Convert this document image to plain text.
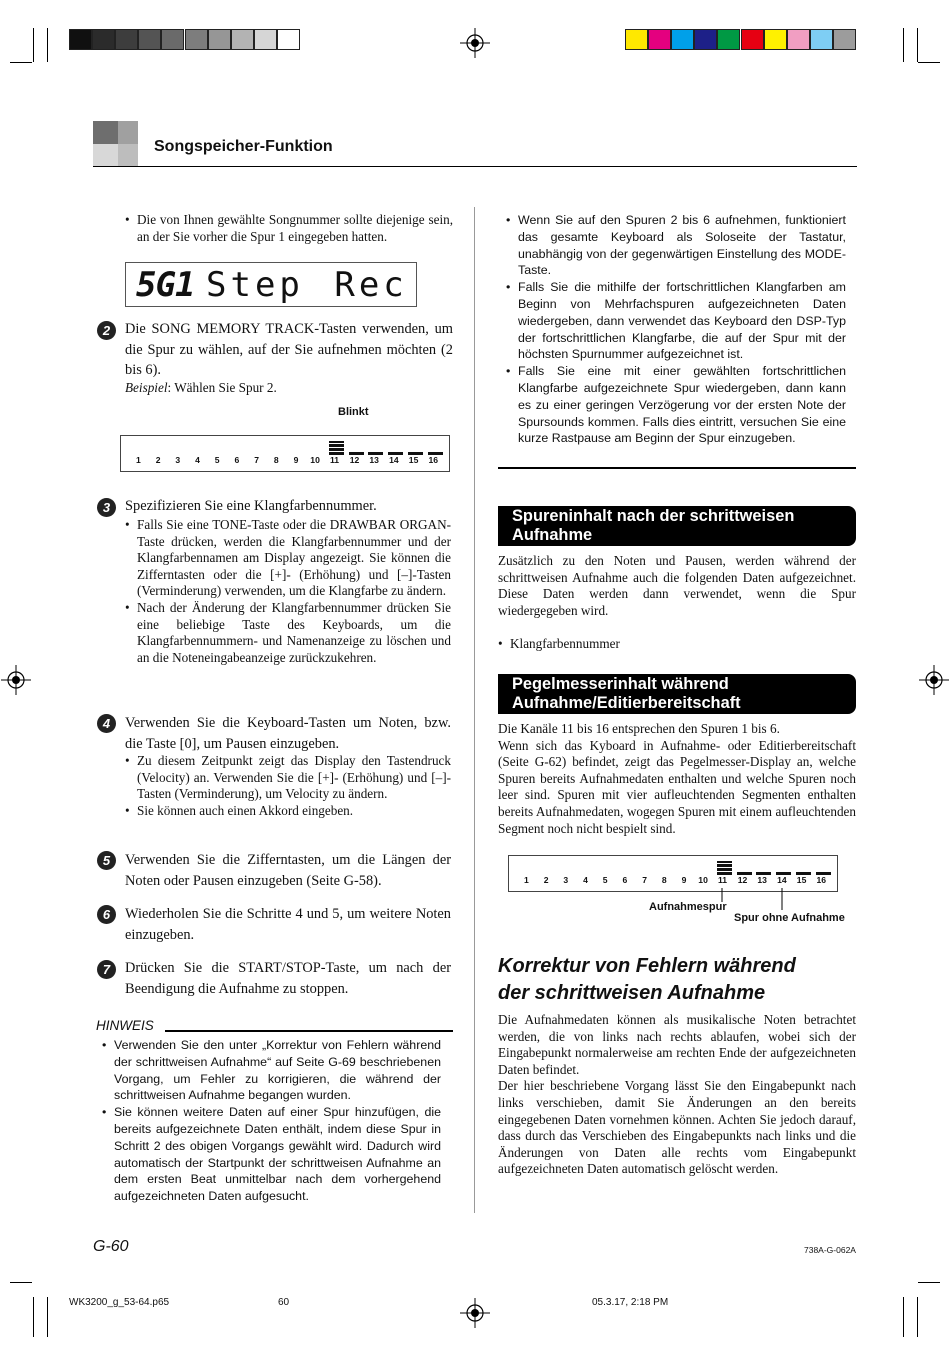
Songspeicher-Funktion
• Die von Ihnen gewählte Songnummer sollte diejenige sein, an der Sie vorher die Spur 1 eingegeben hatten.
5G1 Step Rec
2	Die SONG MEMORY TRACK-Tasten verwenden, um die Spur zu wählen, auf der Sie aufnehmen möchten (2 bis 6).
Beispiel: Wählen Sie Spur 2.
Blinkt
1 2 3 4 5 6 7 8 9 10 11 12 13 14 15 16
3	Spezifizieren Sie eine Klangfarbennummer.
• Falls Sie eine TONE-Taste oder die DRAWBAR ORGAN-Taste drücken, werden die Klangfarbennummer und der Klangfarbennamen am Display angezeigt. Sie können die Zifferntasten oder die [+]- (Erhöhung) und [–]-Tasten (Verminderung) verwenden, um die Klangfarbe zu ändern.
• Nach der Änderung der Klangfarbennummer drücken Sie eine beliebige Taste des Keyboards, um die Klangfarbennummern- und Namenanzeige zu löschen und an die Noteneingabeanzeige zurückzukehren.
4	Verwenden Sie die Keyboard-Tasten um Noten, bzw. die Taste [0], um Pausen einzugeben.
• Zu diesem Zeitpunkt zeigt das Display den Tastendruck (Velocity) an. Verwenden Sie die [+]- (Erhöhung) und [–]-Tasten (Verminderung), um Velocity zu ändern.
• Sie können auch einen Akkord eingeben.
5	Verwenden Sie die Zifferntasten, um die Längen der Noten oder Pausen einzugeben (Seite G-58).
6	Wiederholen Sie die Schritte 4 und 5, um weitere Noten einzugeben.
7	Drücken Sie die START/STOP-Taste, um nach der Beendigung die Aufnahme zu stoppen.
HINWEIS
• Verwenden Sie den unter „Korrektur von Fehlern während der schrittweisen Aufnahme“ auf Seite G-69 beschriebenen Vorgang, um Fehler zu korrigieren, die während der schrittweisen Aufnahme begangen wurden.
• Sie können weitere Daten auf einer Spur hinzufügen, die bereits aufgezeichnete Daten enthält, indem diese Spur in Schritt 2 des obigen Vorgangs gewählt wird. Dadurch wird automatisch der Startpunkt der schrittweisen Aufnahme an dem ersten Beat unmittelbar nach dem vorhergehend aufgezeichneten Daten aufgesucht.
• Wenn Sie auf den Spuren 2 bis 6 aufnehmen, funktioniert das gesamte Keyboard als Soloseite der Tastatur, unabhängig von der gegenwärtigen Einstellung des MODE-Taste.
• Falls Sie die mithilfe der fortschrittlichen Klangfarben am Beginn von Mehrfachspuren aufgezeichneten Daten wiedergeben, dann verwendet das Keyboard den DSP-Typ der fortschrittlichen Klangfarbe, die auf der Spur mit der höchsten Spurnummer aufgezeichnet ist.
• Falls Sie eine mit einer gewählten fortschrittlichen Klangfarbe aufgezeichnete Spur wiedergeben, dann kann es zu einer geringen Verzögerung vor der ersten Note der Spursounds kommen. Falls dies eintritt, versuchen Sie eine kurze Rastpause am Beginn der Spur einzugeben.
Spureninhalt nach der schrittweisen
Aufnahme
Zusätzlich zu den Noten und Pausen, werden während der schrittweisen Aufnahme auch die folgenden Daten aufgezeichnet. Diese Daten werden dann verwendet, wenn die Spur wiedergegeben wird.
• Klangfarbennummer
Pegelmesserinhalt während
Aufnahme/Editierbereitschaft
Die Kanäle 11 bis 16 entsprechen den Spuren 1 bis 6.
Wenn sich das Kyboard in Aufnahme- oder Editierbereitschaft (Seite G-62) befindet, zeigt das Pegelmesser-Display an, welche Spuren bereits Aufnahmedaten enthalten und welche Spuren noch leer sind. Spuren mit vier aufleuchtenden Segmenten enthalten bereits Aufnahmedaten, wogegen Spuren mit einem aufleuchtenden Segment noch nicht bespielt sind.
1 2 3 4 5 6 7 8 9 10 11 12 13 14 15 16
Aufnahmespur
Spur ohne Aufnahme
Korrektur von Fehlern während
der schrittweisen Aufnahme
Die Aufnahmedaten können als musikalische Noten betrachtet werden, die von links nach rechts ablaufen, wobei sich der Eingabepunkt normalerweise am rechten Ende der aufgezeichneten Daten befindet.
Der hier beschriebene Vorgang lässt Sie den Eingabepunkt nach links verschieben, damit Sie Änderungen an den bereits eingegebenen Daten vornehmen können. Achten Sie jedoch darauf, dass durch das Verschieben des Eingabepunkts nach links und die Änderungen von Daten alle rechts vom Eingabepunkt aufgezeichneten Daten automatisch gelöscht werden.
G-60	738A-G-062A
WK3200_g_53-64.p65	60	05.3.17, 2:18 PM
